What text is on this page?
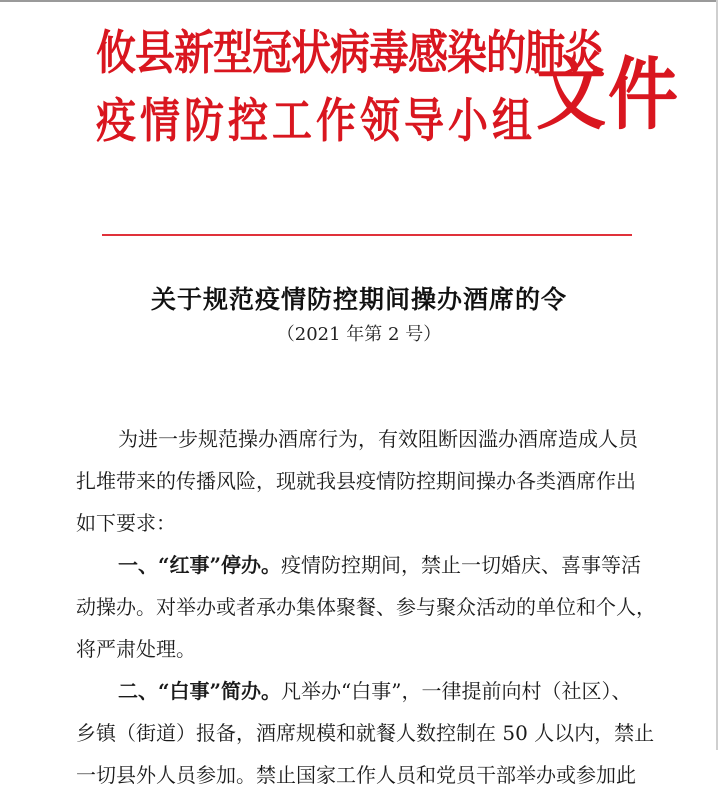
攸县新型冠状病毒感染的肺炎
疫情防控工作领导小组 文件
关于规范疫情防控期间操办酒席的令
（2021 年第 2 号）
为进一步规范操办酒席行为，有效阻断因滥办酒席造成人员
扎堆带来的传播风险，现就我县疫情防控期间操办各类酒席作出
如下要求：
一、“红事”停办。疫情防控期间，禁止一切婚庆、喜事等活
动操办。对举办或者承办集体聚餐、参与聚众活动的单位和个人，
将严肃处理。
二、“白事”简办。凡举办“白事”，一律提前向村（社区）、
乡镇（街道）报备，酒席规模和就餐人数控制在 50 人以内，禁止
一切县外人员参加。禁止国家工作人员和党员干部举办或参加此
